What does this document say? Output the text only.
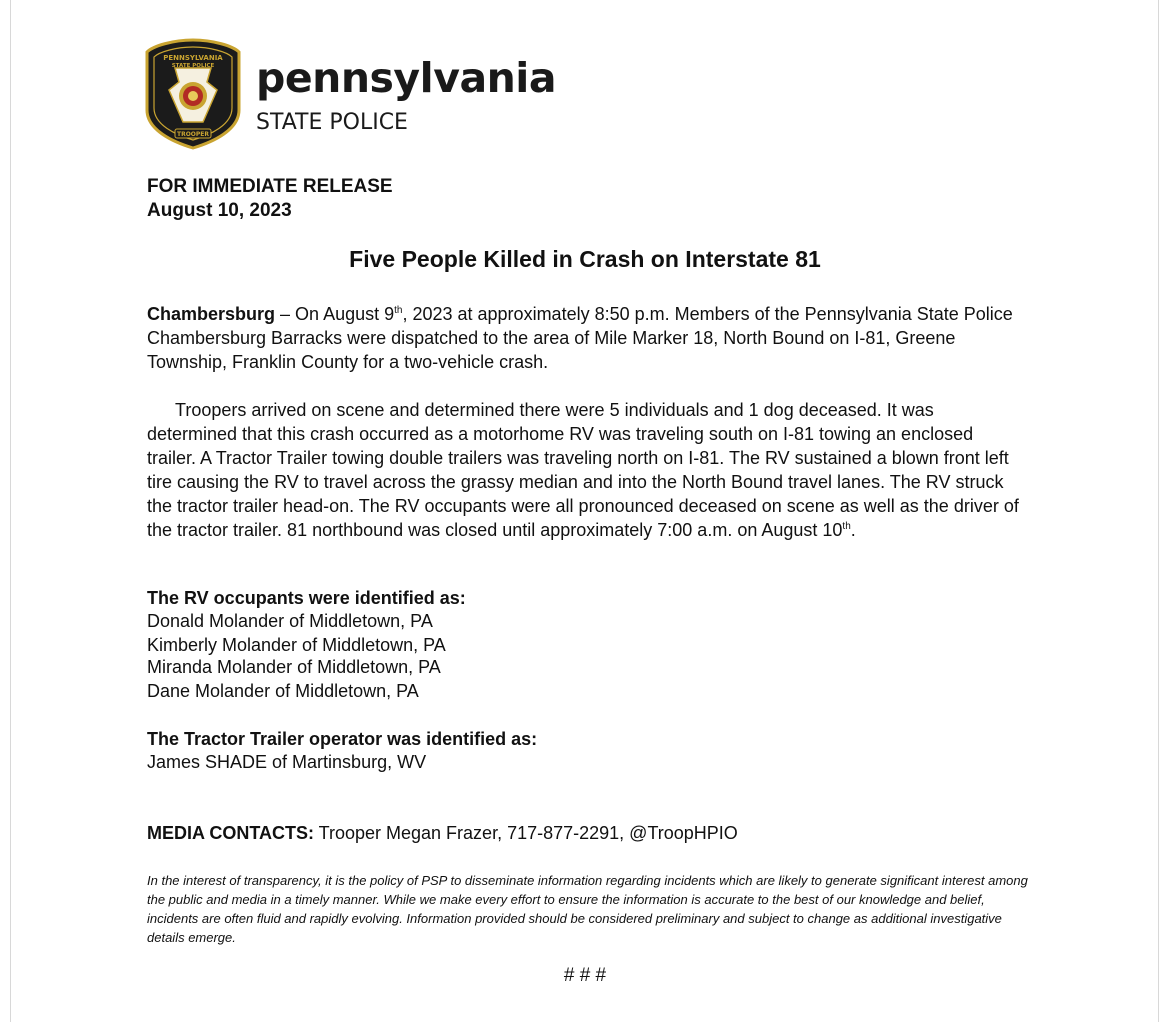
PENNSYLVANIA
STATE POLICE
TROOPER
pennsylvania
STATE POLICE
FOR IMMEDIATE RELEASE
August 10, 2023
Five People Killed in Crash on Interstate 81

Chambersburg – On August 9th, 2023 at approximately 8:50 p.m. Members of the Pennsylvania State Police Chambersburg Barracks were dispatched to the area of Mile Marker 18, North Bound on I-81, Greene Township, Franklin County for a two-vehicle crash.

Troopers arrived on scene and determined there were 5 individuals and 1 dog deceased. It was determined that this crash occurred as a motorhome RV was traveling south on I-81 towing an enclosed trailer. A Tractor Trailer towing double trailers was traveling north on I-81. The RV sustained a blown front left tire causing the RV to travel across the grassy median and into the North Bound travel lanes. The RV struck the tractor trailer head-on. The RV occupants were all pronounced deceased on scene as well as the driver of the tractor trailer. 81 northbound was closed until approximately 7:00 a.m. on August 10th.

The RV occupants were identified as:
Donald Molander of Middletown, PA
Kimberly Molander of Middletown, PA
Miranda Molander of Middletown, PA
Dane Molander of Middletown, PA
The Tractor Trailer operator was identified as:
James SHADE of Martinsburg, WV
MEDIA CONTACTS: Trooper Megan Frazer, 717-877-2291, @TroopHPIO
In the interest of transparency, it is the policy of PSP to disseminate information regarding incidents which are likely to generate significant interest among the public and media in a timely manner. While we make every effort to ensure the information is accurate to the best of our knowledge and belief, incidents are often fluid and rapidly evolving. Information provided should be considered preliminary and subject to change as additional investigative details emerge.
# # #
